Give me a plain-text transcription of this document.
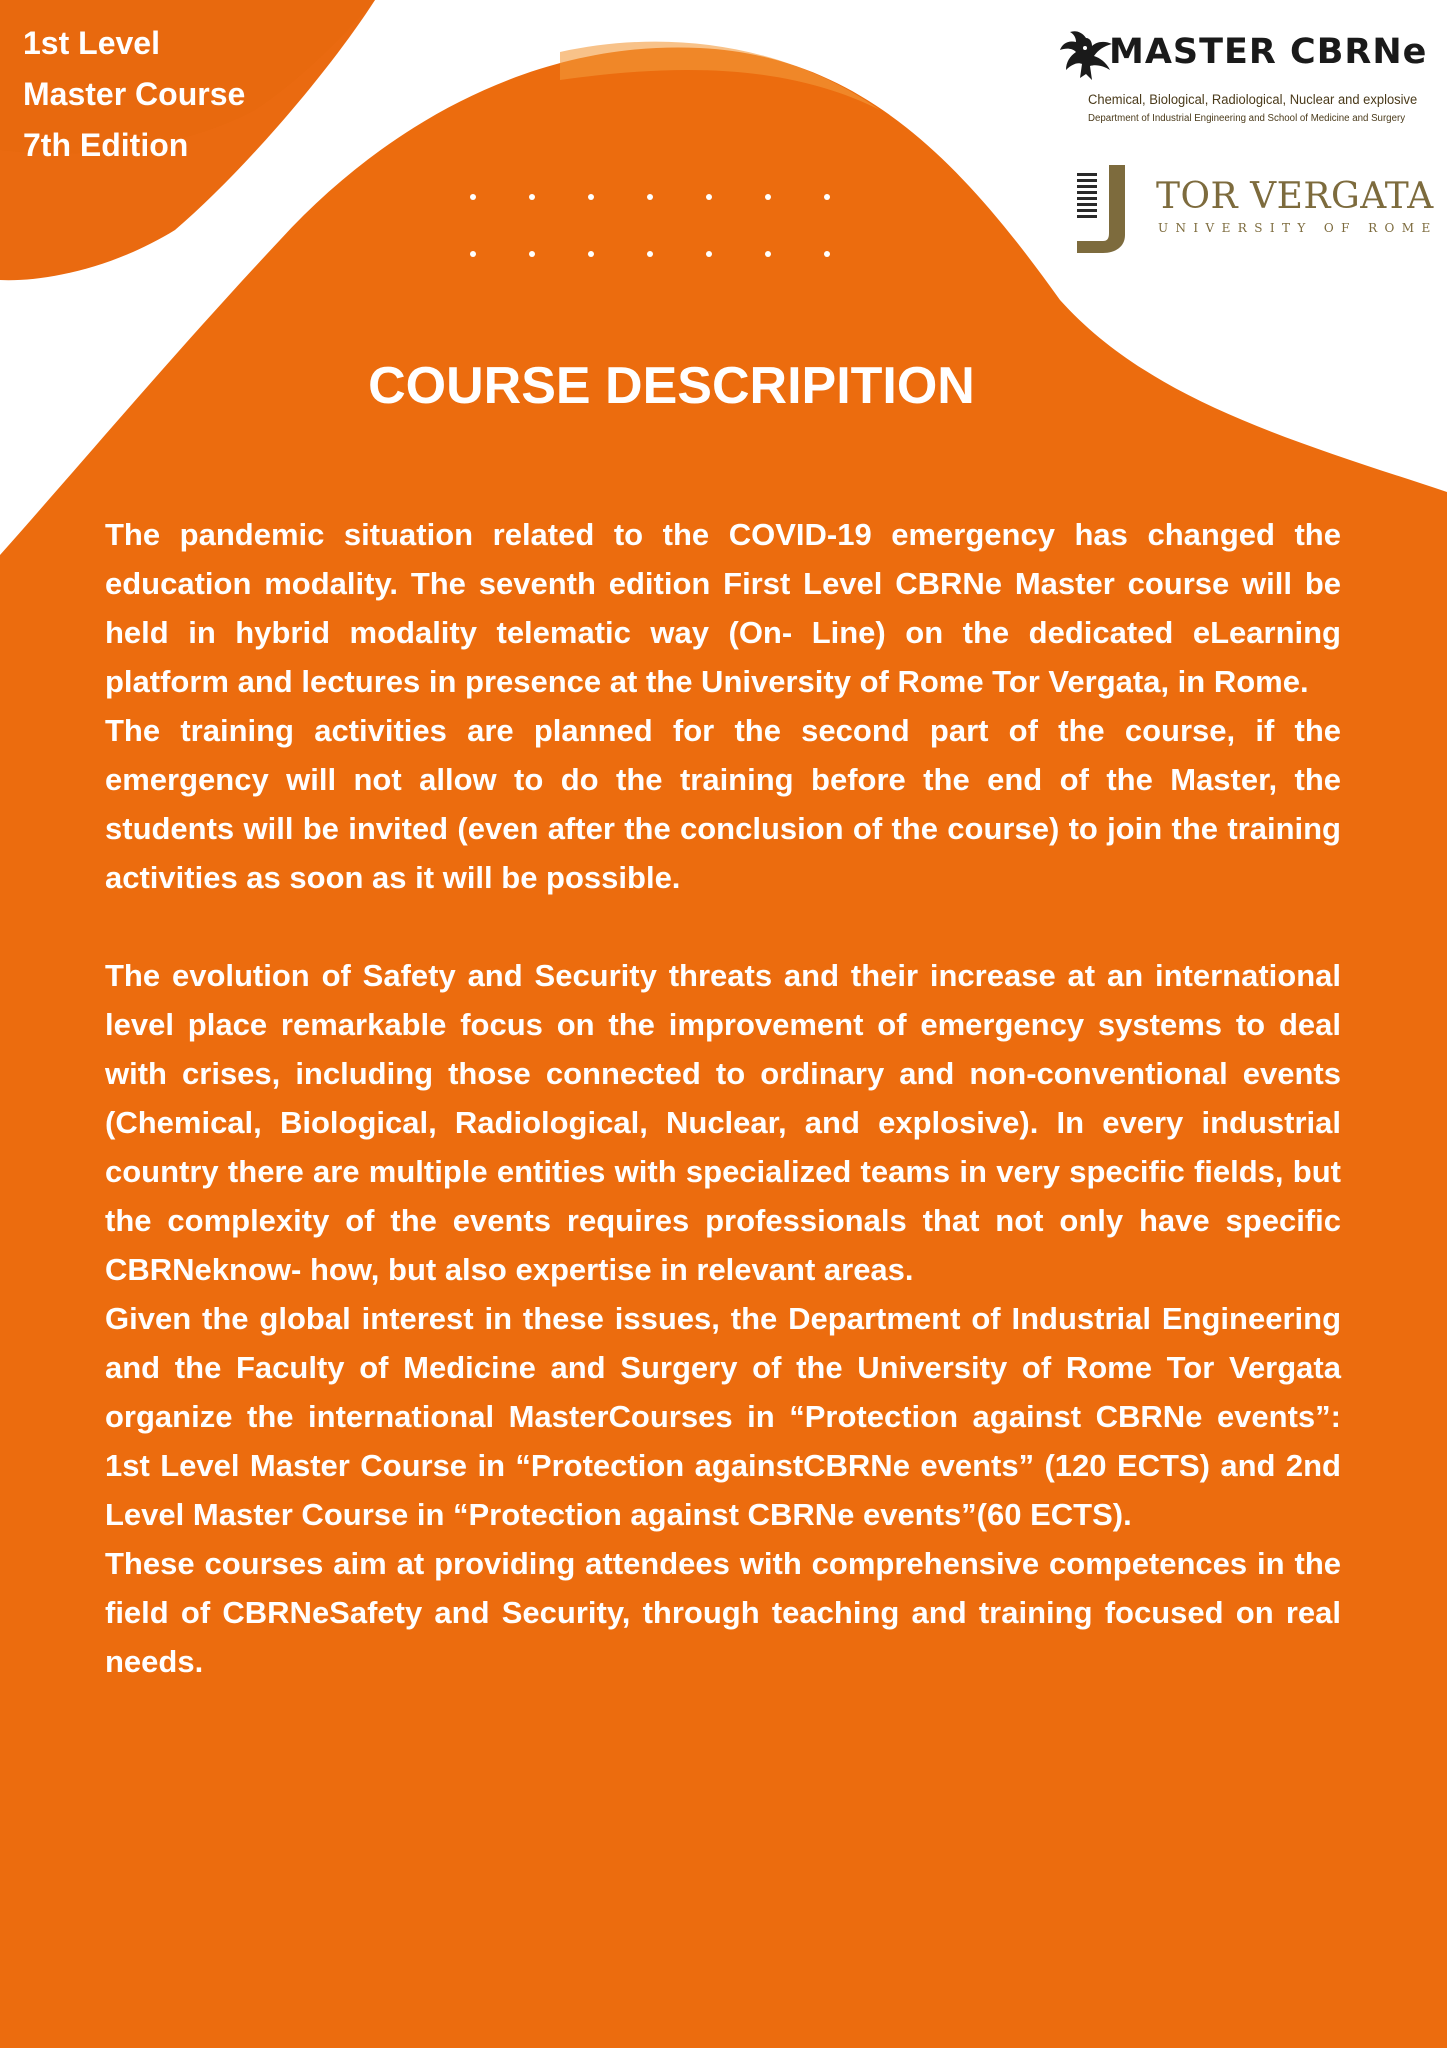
1st Level
Master Course
7th Edition
MASTER CBRNe
Chemical, Biological, Radiological, Nuclear and explosive
Department of Industrial Engineering and School of Medicine and Surgery
TOR VERGATA
UNIVERSITY OF ROME
COURSE DESCRIPITION

The pandemic situation related to the COVID-19 emergency has changed the education modality. The seventh edition First Level CBRNe Master course will be held in hybrid modality telematic way (On- Line) on the dedicated eLearning platform and lectures in presence at the University of Rome Tor Vergata, in Rome.

The training activities are planned for the second part of the course, if the emergency will not allow to do the training before the end of the Master, the students will be invited (even after the conclusion of the course) to join the training activities as soon as it will be possible.

The evolution of Safety and Security threats and their increase at an international level place remarkable focus on the improvement of emergency systems to deal with crises, including those connected to ordinary and non-conventional events (Chemical, Biological, Radiological, Nuclear, and explosive). In every industrial country there are multiple entities with specialized teams in very specific fields, but the complexity of the events requires professionals that not only have specific CBRNeknow- how, but also expertise in relevant areas.

Given the global interest in these issues, the Department of Industrial Engineering and the Faculty of Medicine and Surgery of the University of Rome Tor Vergata organize the international MasterCourses in “Protection against CBRNe events”: 1st Level Master Course in “Protection againstCBRNe events” (120 ECTS) and 2nd Level Master Course in “Protection against CBRNe events”(60 ECTS).

These courses aim at providing attendees with comprehensive competences in the field of CBRNeSafety and Security, through teaching and training focused on real needs.
